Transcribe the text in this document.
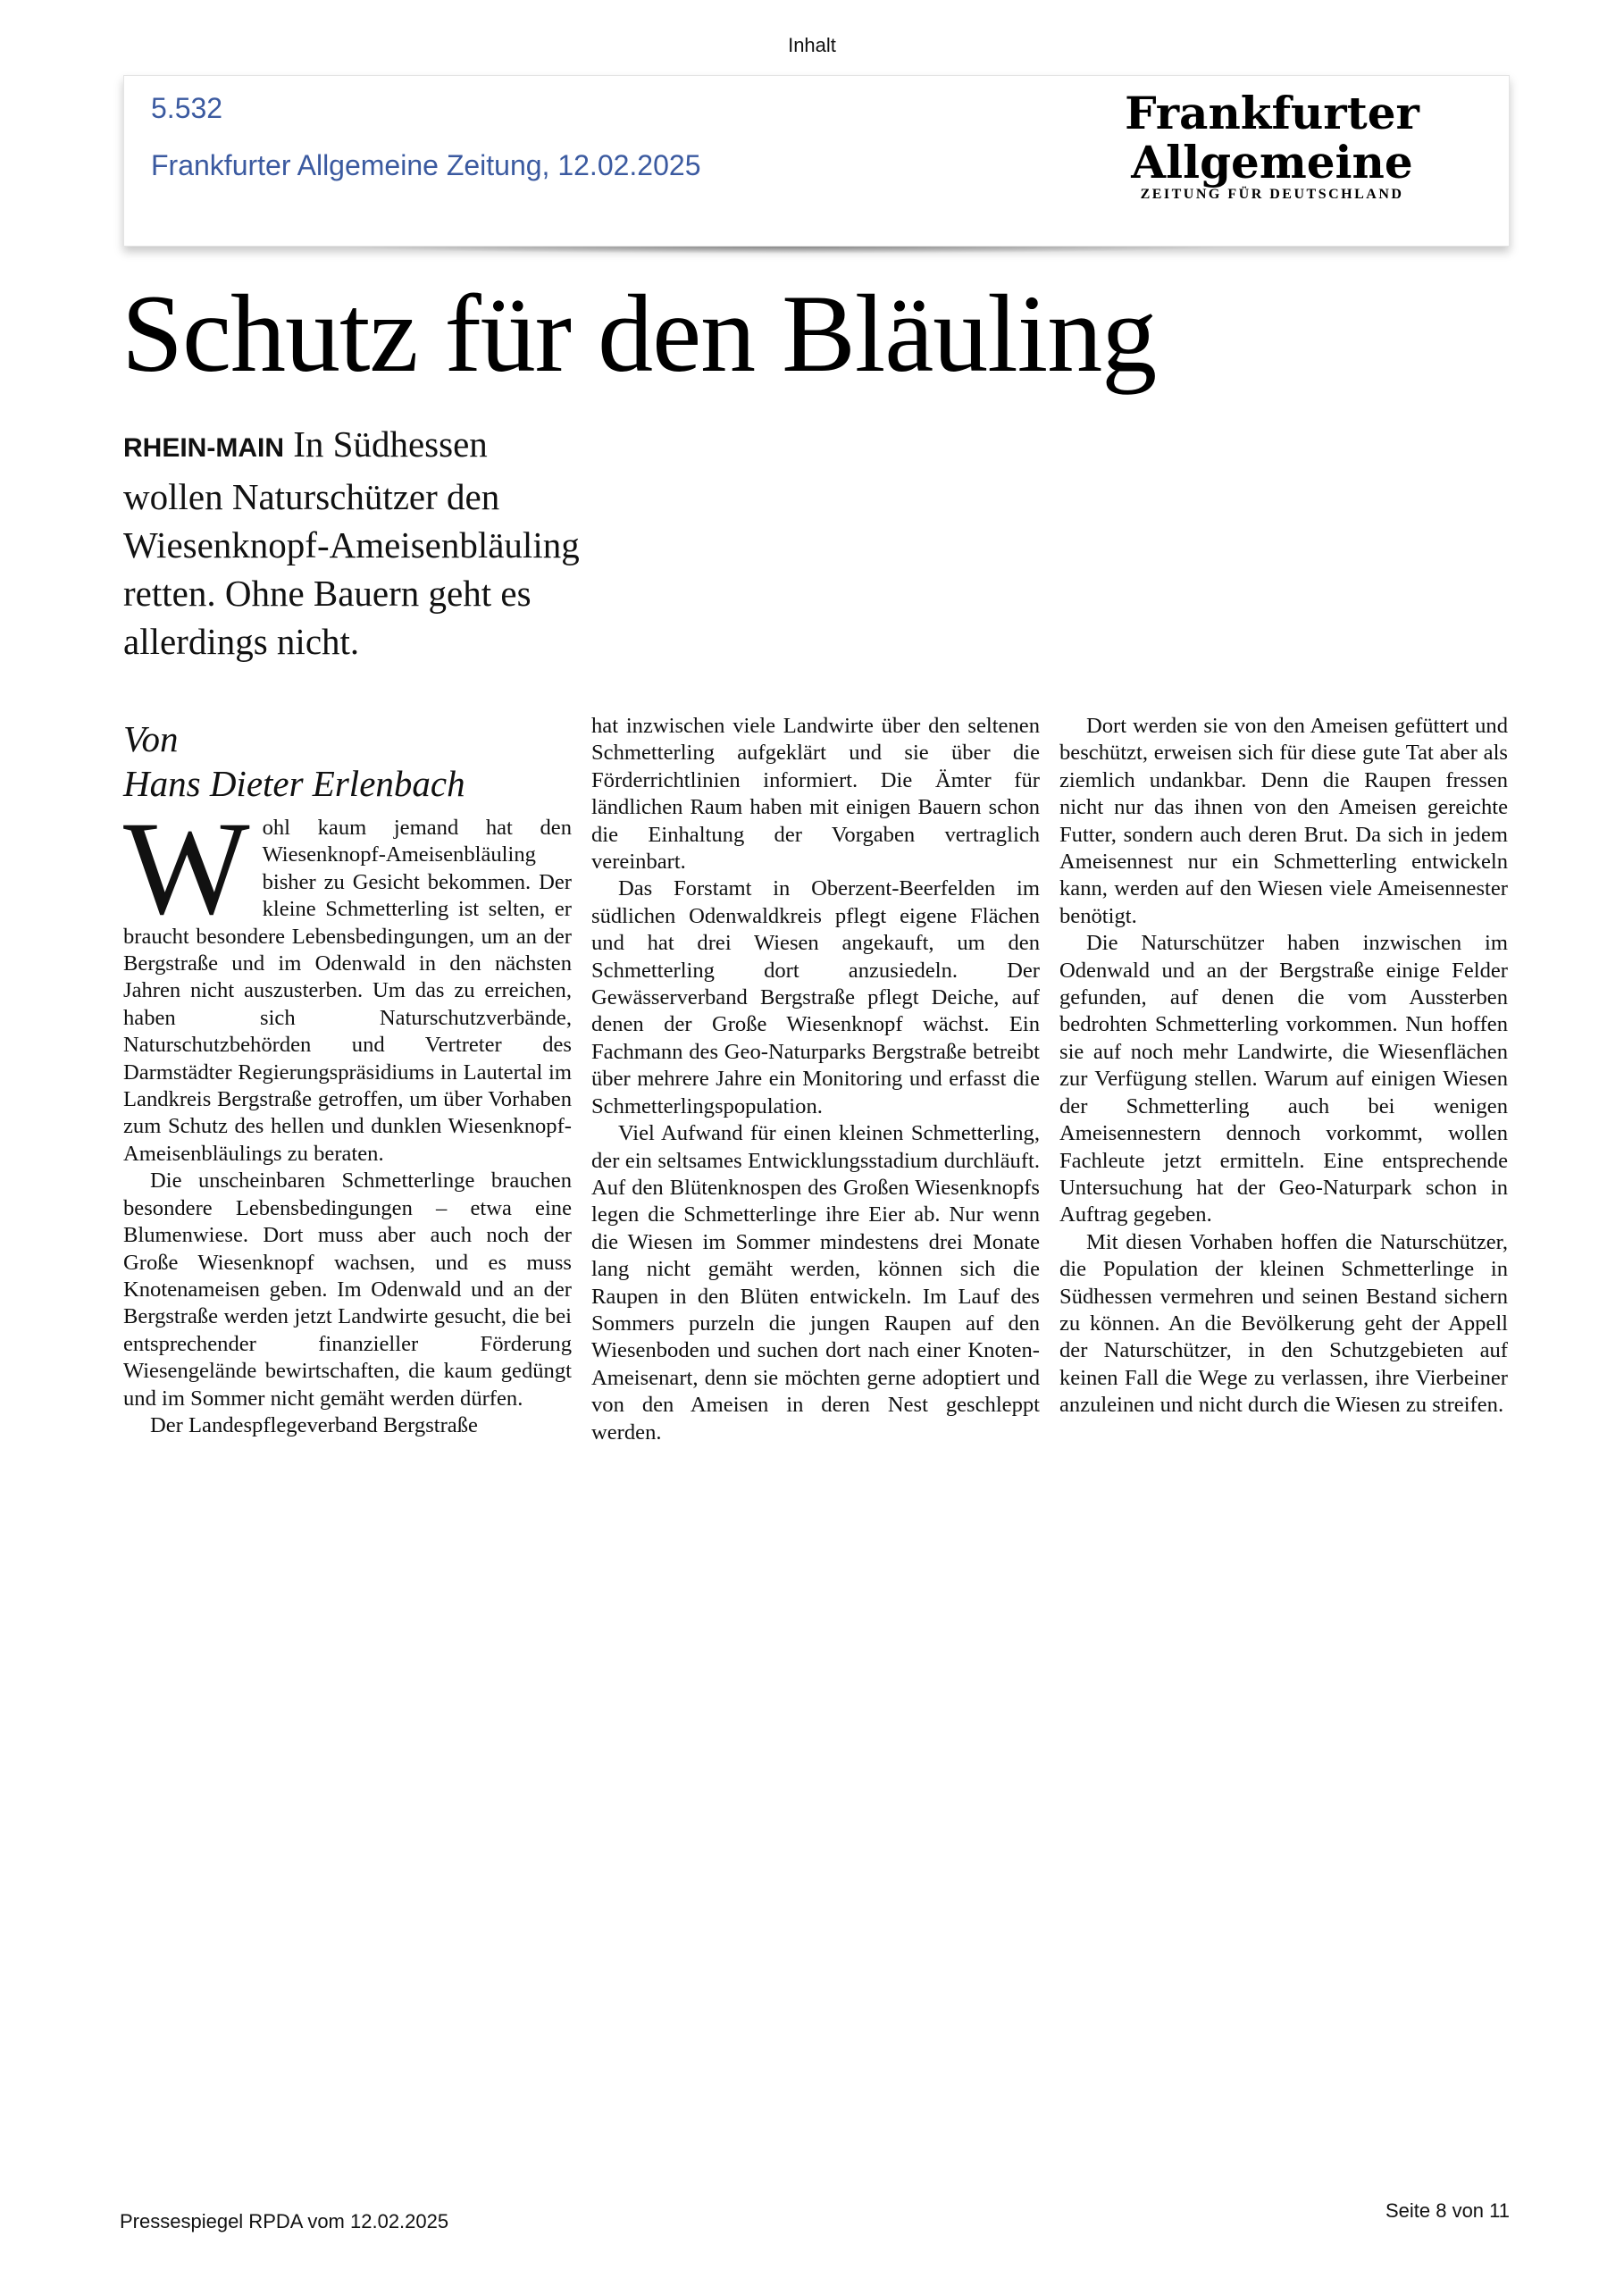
Inhalt
5.532
Frankfurter Allgemeine Zeitung, 12.02.2025
Frankfurter Allgemeine
ZEITUNG FÜR DEUTSCHLAND
Schutz für den Bläuling
RHEIN-MAIN In Südhessen wollen Naturschützer den Wiesenknopf-Ameisenbläuling retten. Ohne Bauern geht es allerdings nicht.
Von
Hans Dieter Erlenbach

Wohl kaum jemand hat den Wiesenknopf-Ameisenbläuling bisher zu Gesicht bekommen. Der kleine Schmetterling ist selten, er braucht besondere Lebensbedingungen, um an der Bergstraße und im Odenwald in den nächsten Jahren nicht auszusterben. Um das zu erreichen, haben sich Naturschutzverbände, Naturschutzbehörden und Vertreter des Darmstädter Regierungspräsidiums in Lautertal im Landkreis Bergstraße getroffen, um über Vorhaben zum Schutz des hellen und dunklen Wiesenknopf-Ameisenbläulings zu beraten.

Die unscheinbaren Schmetterlinge brauchen besondere Lebensbedingungen – etwa eine Blumenwiese. Dort muss aber auch noch der Große Wiesenknopf wachsen, und es muss Knotenameisen geben. Im Odenwald und an der Bergstraße werden jetzt Landwirte gesucht, die bei entsprechender finanzieller Förderung Wiesengelände bewirtschaften, die kaum gedüngt und im Sommer nicht gemäht werden dürfen.

Der Landespflegeverband Bergstraße

hat inzwischen viele Landwirte über den seltenen Schmetterling aufgeklärt und sie über die Förderrichtlinien informiert. Die Ämter für ländlichen Raum haben mit einigen Bauern schon die Einhaltung der Vorgaben vertraglich vereinbart.

Das Forstamt in Oberzent-Beerfelden im südlichen Odenwaldkreis pflegt eigene Flächen und hat drei Wiesen angekauft, um den Schmetterling dort anzusiedeln. Der Gewässerverband Bergstraße pflegt Deiche, auf denen der Große Wiesenknopf wächst. Ein Fachmann des Geo-Naturparks Bergstraße betreibt über mehrere Jahre ein Monitoring und erfasst die Schmetterlingspopulation.

Viel Aufwand für einen kleinen Schmetterling, der ein seltsames Entwicklungsstadium durchläuft. Auf den Blütenknospen des Großen Wiesenknopfs legen die Schmetterlinge ihre Eier ab. Nur wenn die Wiesen im Sommer mindestens drei Monate lang nicht gemäht werden, können sich die Raupen in den Blüten entwickeln. Im Lauf des Sommers purzeln die jungen Raupen auf den Wiesenboden und suchen dort nach einer Knoten-Ameisenart, denn sie möchten gerne adoptiert und von den Ameisen in deren Nest geschleppt werden.

Dort werden sie von den Ameisen gefüttert und beschützt, erweisen sich für diese gute Tat aber als ziemlich undankbar. Denn die Raupen fressen nicht nur das ihnen von den Ameisen gereichte Futter, sondern auch deren Brut. Da sich in jedem Ameisennest nur ein Schmetterling entwickeln kann, werden auf den Wiesen viele Ameisennester benötigt.

Die Naturschützer haben inzwischen im Odenwald und an der Bergstraße einige Felder gefunden, auf denen die vom Aussterben bedrohten Schmetterling vorkommen. Nun hoffen sie auf noch mehr Landwirte, die Wiesenflächen zur Verfügung stellen. Warum auf einigen Wiesen der Schmetterling auch bei wenigen Ameisennestern dennoch vorkommt, wollen Fachleute jetzt ermitteln. Eine entsprechende Untersuchung hat der Geo-Naturpark schon in Auftrag gegeben.

Mit diesen Vorhaben hoffen die Naturschützer, die Population der kleinen Schmetterlinge in Südhessen vermehren und seinen Bestand sichern zu können. An die Bevölkerung geht der Appell der Naturschützer, in den Schutzgebieten auf keinen Fall die Wege zu verlassen, ihre Vierbeiner anzuleinen und nicht durch die Wiesen zu streifen.

Pressespiegel RPDA vom 12.02.2025	Seite 8 von 11
